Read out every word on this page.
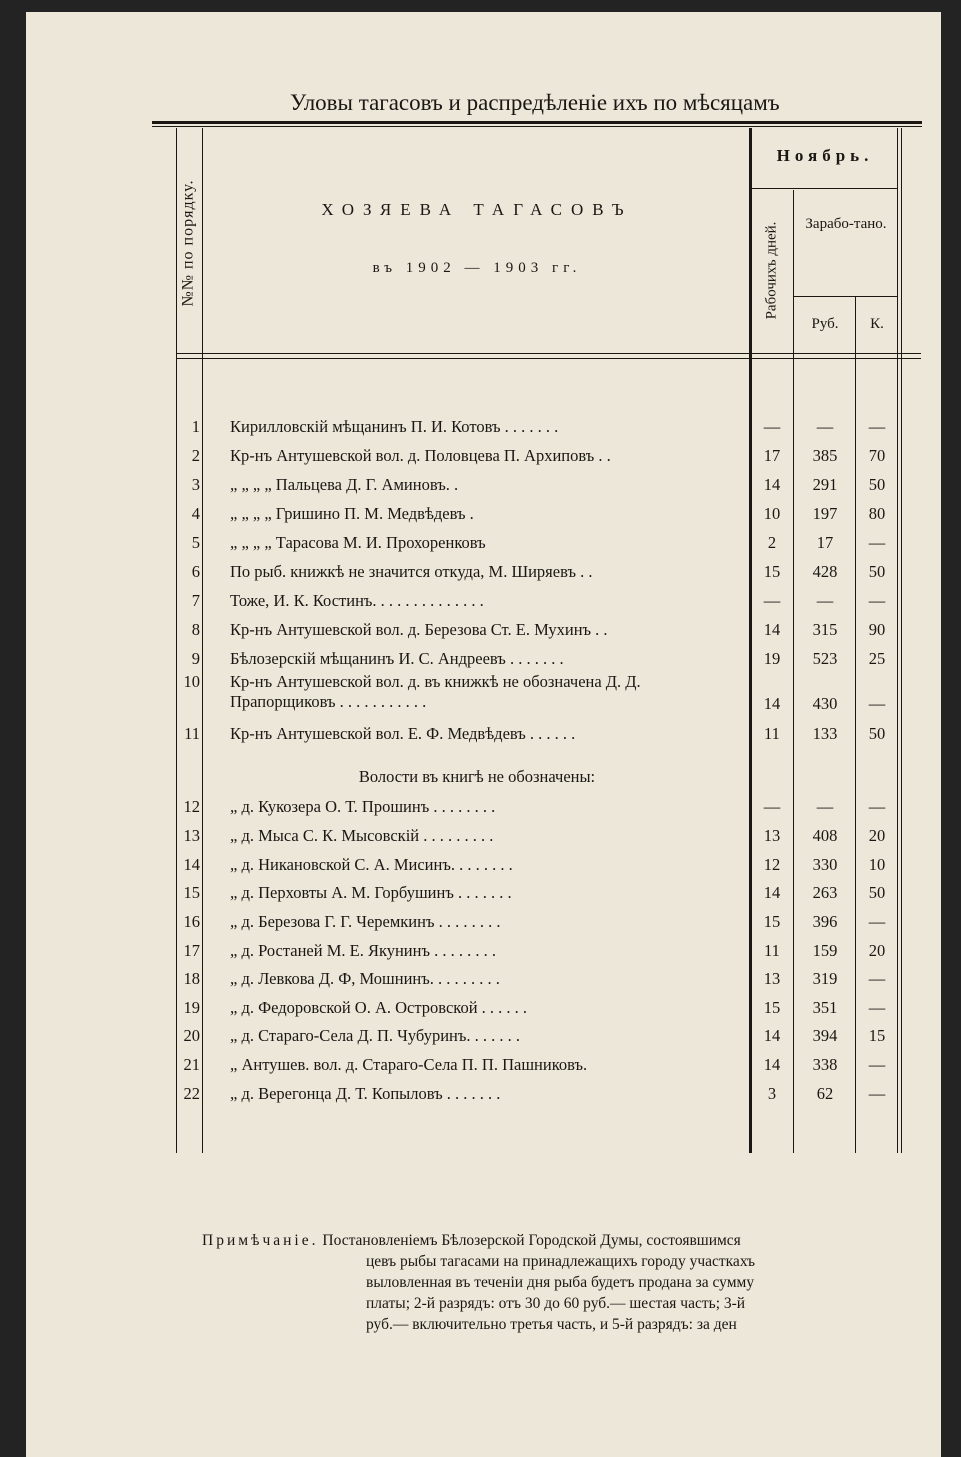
Уловы тагасовъ и распредѣленіе ихъ по мѣсяцамъ
№№ по порядку.	ХОЗЯЕВА ТАГАСОВЪ
въ 1902 — 1903 гг.
Ноябрь.
Рабочихъ дней.	Зарабо-тано.
Руб.	К.
1 Кирилловскій мѣщанинъ П. И. Котовъ . . . . . . .	—	—	—
2 Кр-нъ Антушевской вол. д. Половцева П. Архиповъ . .	17	385	70
3 „ „ „ „ Пальцева Д. Г. Аминовъ. .	14	291	50
4 „ „ „ „ Гришино П. М. Медвѣдевъ .	10	197	80
5 „ „ „ „ Тарасова М. И. Прохоренковъ	2	17	—
6 По рыб. книжкѣ не значится откуда, М. Ширяевъ . .	15	428	50
7 Тоже, И. К. Костинъ. . . . . . . . . . . . . .	—	—	—
8 Кр-нъ Антушевской вол. д. Березова Ст. Е. Мухинъ . .	14	315	90
9 Бѣлозерскій мѣщанинъ И. С. Андреевъ . . . . . . .	19	523	25
10 Кр-нъ Антушевской вол. д. въ книжкѣ не обозначена Д. Д. Прапорщиковъ . . . . . . . . . . .	14	430	—
11 Кр-нъ Антушевской вол. Е. Ф. Медвѣдевъ . . . . . .	11	133	50
12 „ д. Кукозера О. Т. Прошинъ . . . . . . . .	—	—	—
13 „ д. Мыса С. К. Мысовскій . . . . . . . . .	13	408	20
14 „ д. Никановской С. А. Мисинъ. . . . . . . .	12	330	10
15 „ д. Перховты А. М. Горбушинъ . . . . . . .	14	263	50
16 „ д. Березова Г. Г. Черемкинъ . . . . . . . .	15	396	—
17 „ д. Ростаней М. Е. Якунинъ . . . . . . . .	11	159	20
18 „ д. Левкова Д. Ф, Мошнинъ. . . . . . . . .	13	319	—
19 „ д. Федоровской О. А. Островской . . . . . .	15	351	—
20 „ д. Стараго-Села Д. П. Чубуринъ. . . . . . .	14	394	15
21 „ Антушев. вол. д. Стараго-Села П. П. Пашниковъ.	14	338	—
22 „ д. Верегонца Д. Т. Копыловъ . . . . . . .	3	62	—
Волости въ книгѣ не обозначены:
Примѣчаніе. Постановленіемъ Бѣлозерской Городской Думы, состоявшимся
цевъ рыбы тагасами на принадлежащихъ городу участкахъ
выловленная въ теченіи дня рыба будетъ продана за сумму
платы; 2-й разрядъ: отъ 30 до 60 руб.— шестая часть; 3-й
руб.— включительно третья часть, и 5-й разрядъ: за ден
